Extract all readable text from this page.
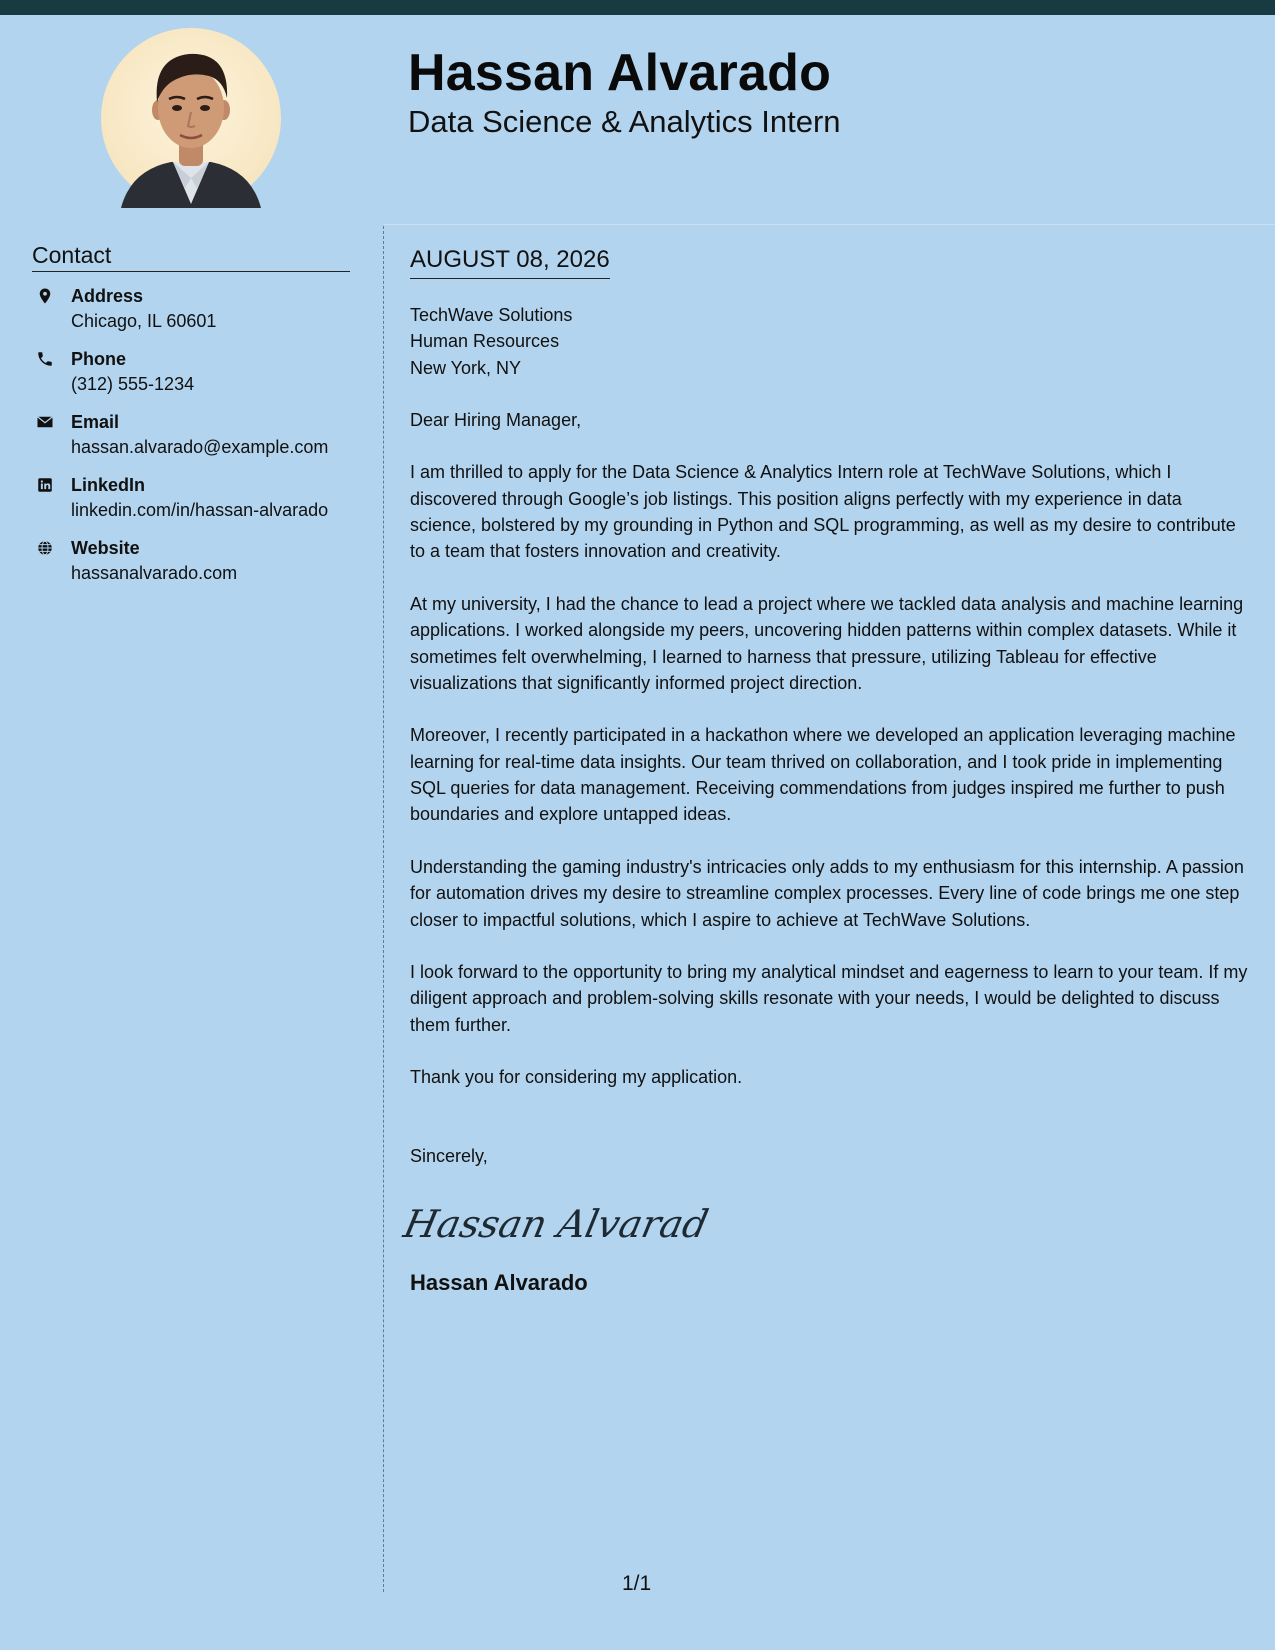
Hassan Alvarado
Data Science & Analytics Intern
Contact
Address
Chicago, IL 60601
Phone
(312) 555-1234
Email
hassan.alvarado@example.com
LinkedIn
linkedin.com/in/hassan-alvarado
Website
hassanalvarado.com
AUGUST 08, 2026

TechWave Solutions
Human Resources
New York, NY

Dear Hiring Manager,

I am thrilled to apply for the Data Science & Analytics Intern role at TechWave Solutions, which I discovered through Google’s job listings. This position aligns perfectly with my experience in data science, bolstered by my grounding in Python and SQL programming, as well as my desire to contribute to a team that fosters innovation and creativity.

At my university, I had the chance to lead a project where we tackled data analysis and machine learning applications. I worked alongside my peers, uncovering hidden patterns within complex datasets. While it sometimes felt overwhelming, I learned to harness that pressure, utilizing Tableau for effective visualizations that significantly informed project direction.

Moreover, I recently participated in a hackathon where we developed an application leveraging machine learning for real-time data insights. Our team thrived on collaboration, and I took pride in implementing SQL queries for data management. Receiving commendations from judges inspired me further to push boundaries and explore untapped ideas.

Understanding the gaming industry's intricacies only adds to my enthusiasm for this internship. A passion for automation drives my desire to streamline complex processes. Every line of code brings me one step closer to impactful solutions, which I aspire to achieve at TechWave Solutions.

I look forward to the opportunity to bring my analytical mindset and eagerness to learn to your team. If my diligent approach and problem-solving skills resonate with your needs, I would be delighted to discuss them further.

Thank you for considering my application.

Sincerely,

Hassan Alvarad

Hassan Alvarado

1/1
